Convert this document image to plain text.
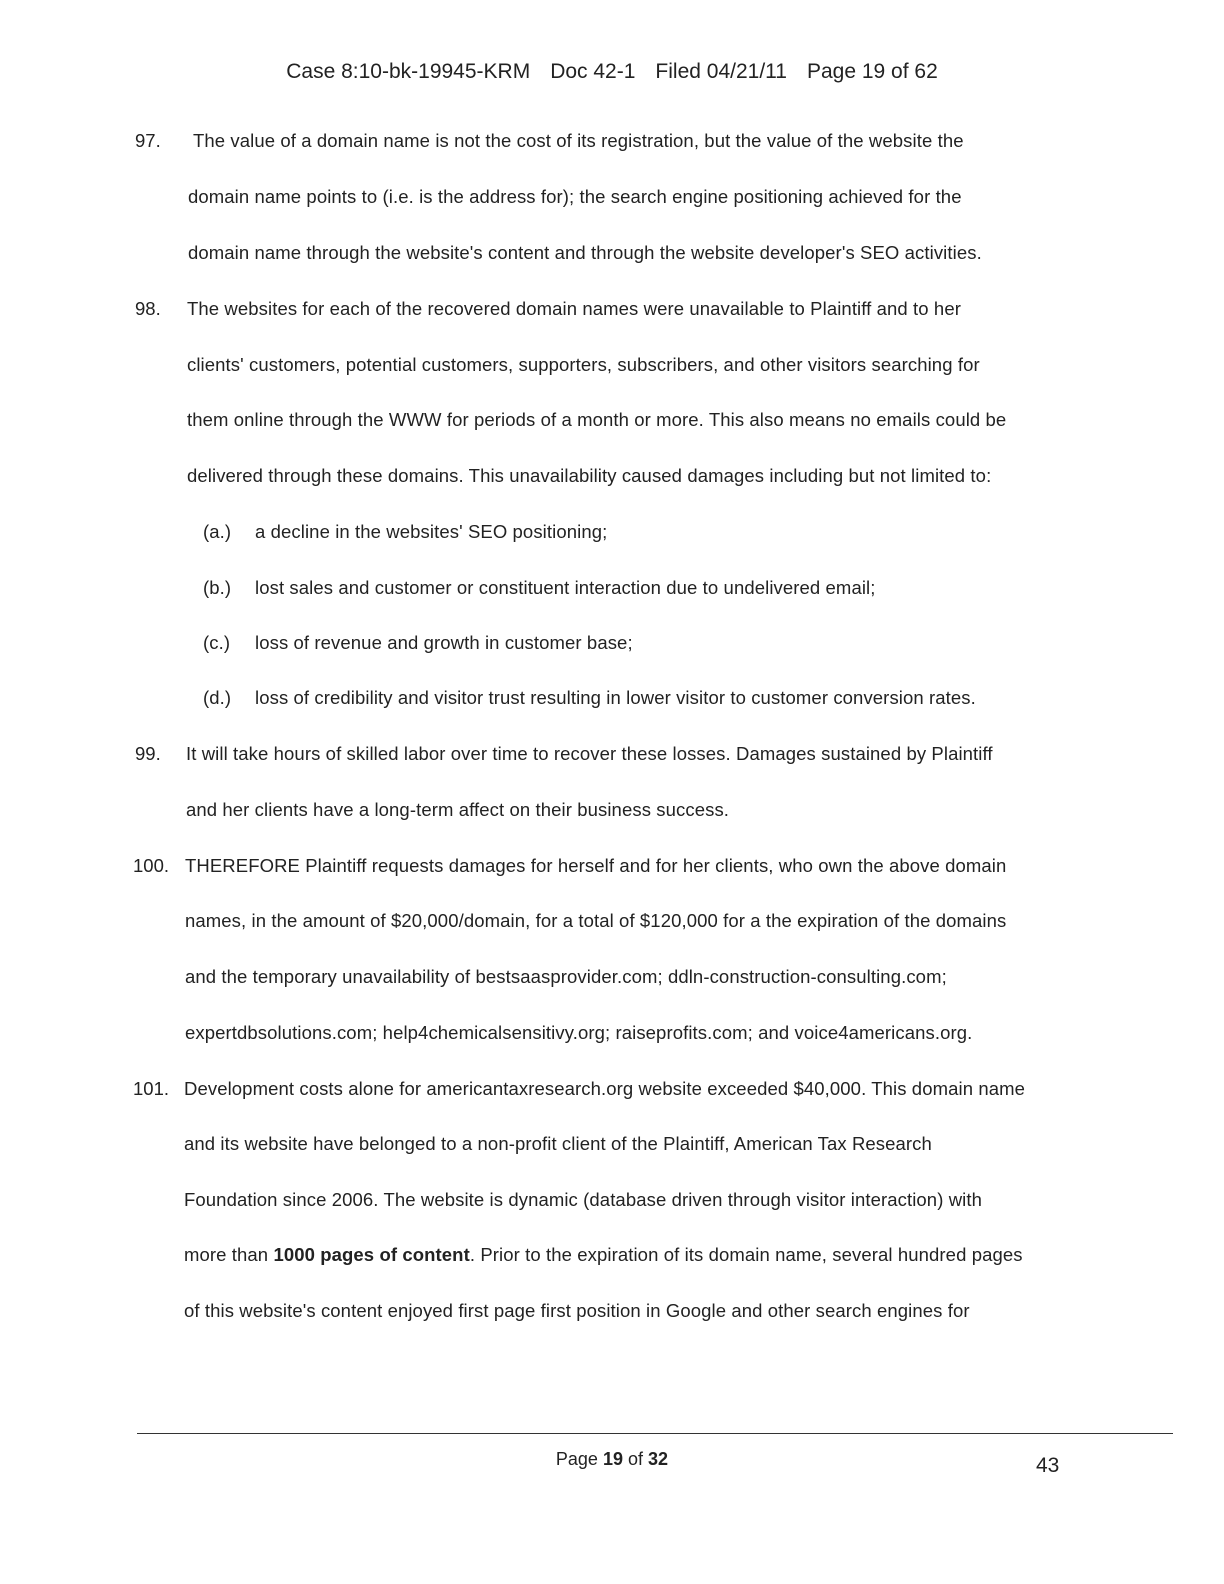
Case 8:10-bk-19945-KRM Doc 42-1 Filed 04/21/11 Page 19 of 62
97. The value of a domain name is not the cost of its registration, but the value of the website the
domain name points to (i.e. is the address for); the search engine positioning achieved for the
domain name through the website's content and through the website developer's SEO activities.
98. The websites for each of the recovered domain names were unavailable to Plaintiff and to her
clients' customers, potential customers, supporters, subscribers, and other visitors searching for
them online through the WWW for periods of a month or more. This also means no emails could be
delivered through these domains. This unavailability caused damages including but not limited to:
(a.) a decline in the websites' SEO positioning;
(b.) lost sales and customer or constituent interaction due to undelivered email;
(c.) loss of revenue and growth in customer base;
(d.) loss of credibility and visitor trust resulting in lower visitor to customer conversion rates.
99. It will take hours of skilled labor over time to recover these losses. Damages sustained by Plaintiff
and her clients have a long-term affect on their business success.
100. THEREFORE Plaintiff requests damages for herself and for her clients, who own the above domain
names, in the amount of $20,000/domain, for a total of $120,000 for a the expiration of the domains
and the temporary unavailability of bestsaasprovider.com; ddln-construction-consulting.com;
expertdbsolutions.com; help4chemicalsensitivy.org; raiseprofits.com; and voice4americans.org.
101. Development costs alone for americantaxresearch.org website exceeded $40,000. This domain name
and its website have belonged to a non-profit client of the Plaintiff, American Tax Research
Foundation since 2006. The website is dynamic (database driven through visitor interaction) with
more than 1000 pages of content. Prior to the expiration of its domain name, several hundred pages
of this website's content enjoyed first page first position in Google and other search engines for
Page 19 of 32	43
